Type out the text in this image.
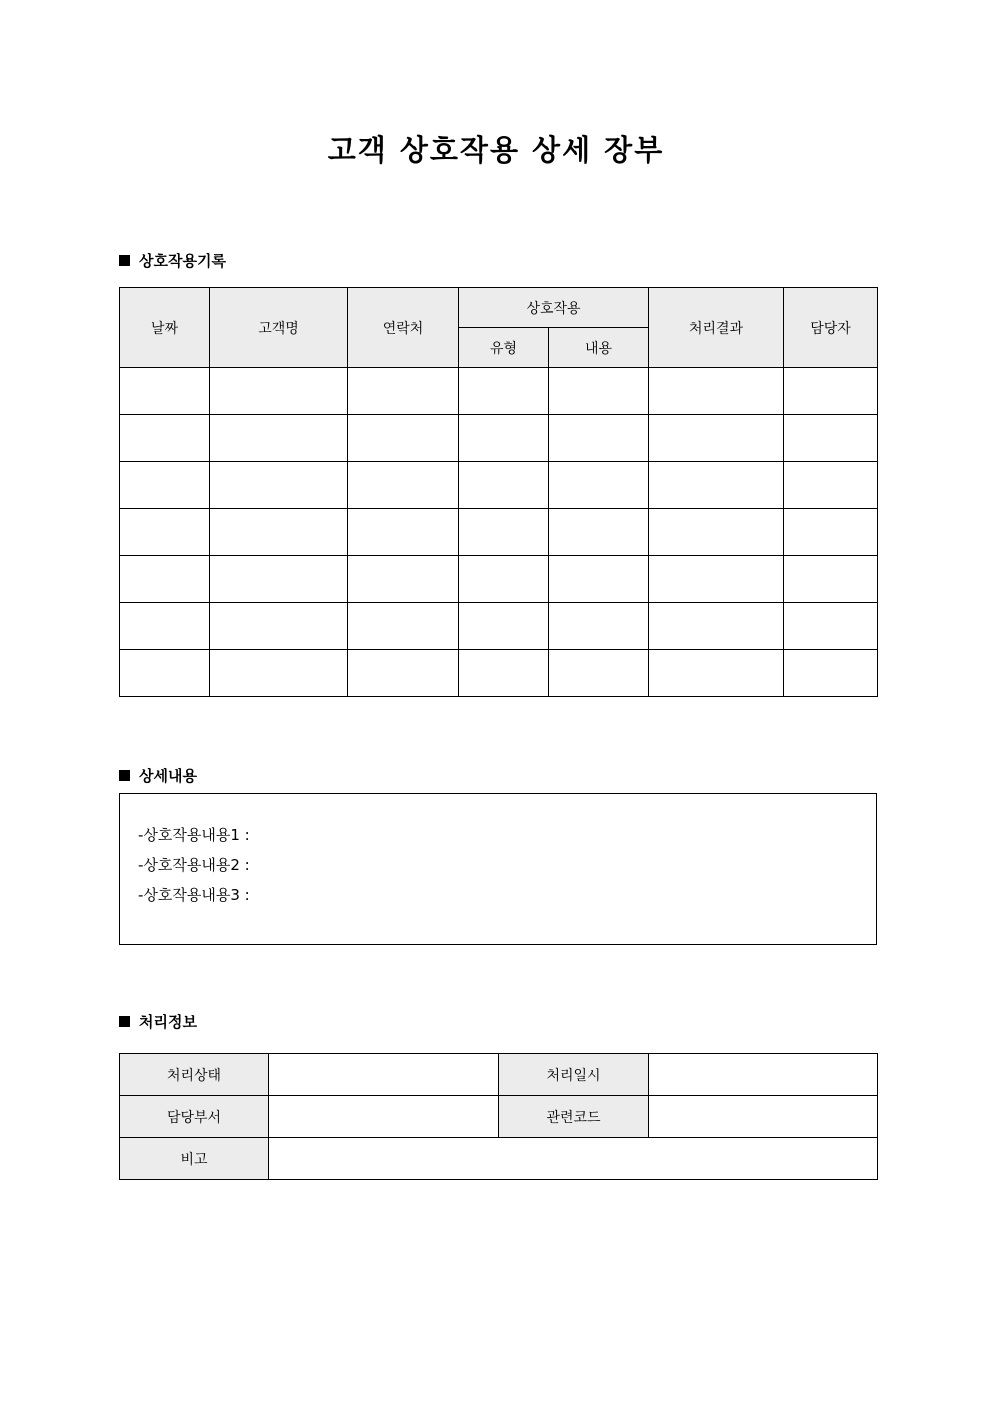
고객 상호작용 상세 장부
상호작용기록
날짜	고객명	연락처	상호작용		처리결과	담당자
			유형	내용		

상세내용
-상호작용내용1 :
-상호작용내용2 :
-상호작용내용3 :
처리정보
처리상태		처리일시	
담당부서		관련코드	
비고			
